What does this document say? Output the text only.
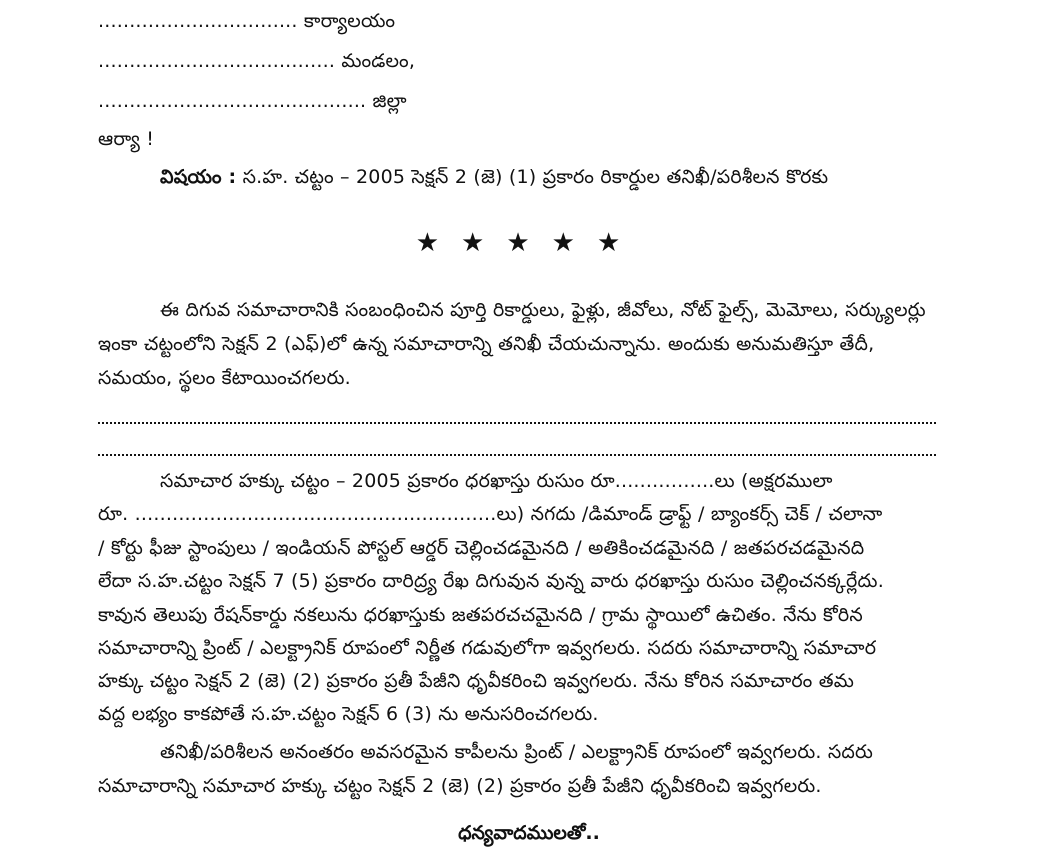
................................ కార్యాలయం
...................................... మండలం,
........................................... జిల్లా
ఆర్యా !
విషయం : స.హ. చట్టం – 2005 సెక్షన్ 2 (జె) (1) ప్రకారం రికార్డుల తనిఖీ/పరిశీలన కొరకు
★★★★★
ఈ దిగువ సమాచారానికి సంబంధించిన పూర్తి రికార్డులు, ఫైళ్లు, జీవోలు, నోట్ ఫైల్స్, మెమోలు, సర్క్యులర్లు
ఇంకా చట్టంలోని సెక్షన్ 2 (ఎఫ్)లో ఉన్న సమాచారాన్ని తనిఖీ చేయచున్నాను. అందుకు అనుమతిస్తూ తేదీ,
సమయం, స్థలం కేటాయించగలరు.
సమాచార హక్కు చట్టం – 2005 ప్రకారం ధరఖాస్తు రుసుం రూ................లు (అక్షరములా
రూ. ..........................................................లు) నగదు /డిమాండ్ డ్రాఫ్ట్ / బ్యాంకర్స్ చెక్ / చలానా
/ కోర్టు ఫీజు స్టాంపులు / ఇండియన్ పోస్టల్ ఆర్డర్ చెల్లించడమైనది / అతికించడమైనది / జతపరచడమైనది
లేదా స.హ.చట్టం సెక్షన్ 7 (5) ప్రకారం దారిద్ర్య రేఖ దిగువున వున్న వారు ధరఖాస్తు రుసుం చెల్లించనక్కర్లేదు.
కావున తెలుపు రేషన్‌కార్డు నకలును ధరఖాస్తుకు జతపరచచమైనది / గ్రామ స్థాయిలో ఉచితం. నేను కోరిన
సమాచారాన్ని ప్రింట్ / ఎలక్ట్రానిక్ రూపంలో నిర్ణీత గడువులోగా ఇవ్వగలరు. సదరు సమాచారాన్ని సమాచార
హక్కు చట్టం సెక్షన్ 2 (జె) (2) ప్రకారం ప్రతీ పేజీని ధృవీకరించి ఇవ్వగలరు. నేను కోరిన సమాచారం తమ
వద్ద లభ్యం కాకపోతే స.హ.చట్టం సెక్షన్ 6 (3) ను అనుసరించగలరు.
తనిఖీ/పరిశీలన అనంతరం అవసరమైన కాపీలను ప్రింట్ / ఎలక్ట్రానిక్ రూపంలో ఇవ్వగలరు. సదరు
సమాచారాన్ని సమాచార హక్కు చట్టం సెక్షన్ 2 (జె) (2) ప్రకారం ప్రతీ పేజీని ధృవీకరించి ఇవ్వగలరు.
ధన్యవాదములతో..
